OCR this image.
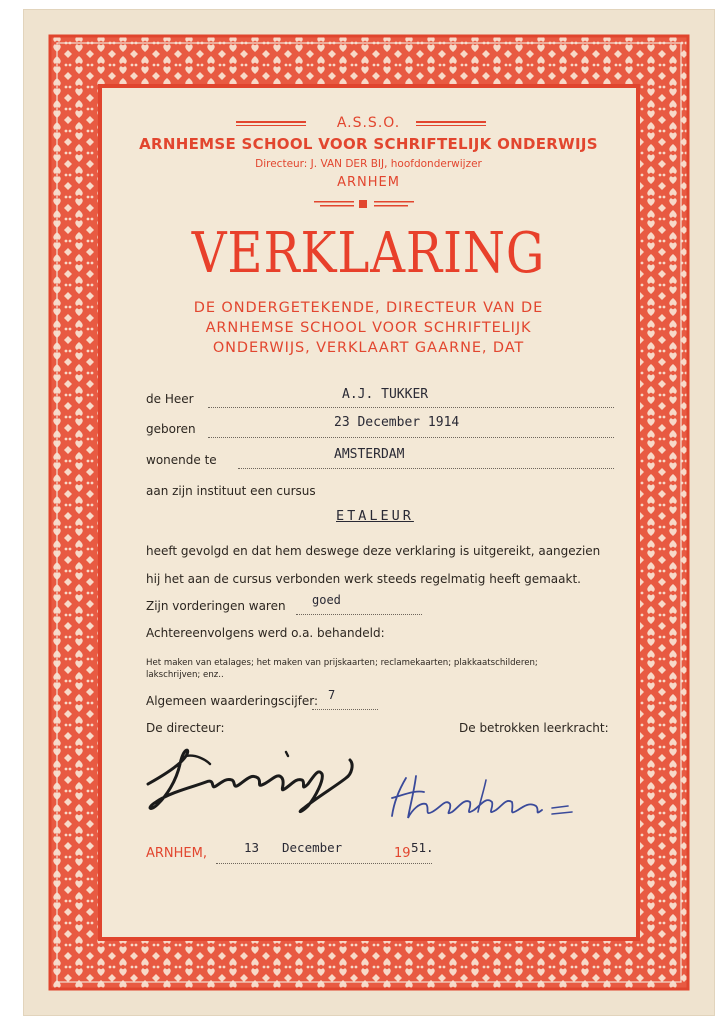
A.S.S.O.
ARNHEMSE SCHOOL VOOR SCHRIFTELIJK ONDERWIJS
Directeur: J. VAN DER BIJ, hoofdonderwijzer
ARNHEM
VERKLARING
DE ONDERGETEKENDE, DIRECTEUR VAN DE
ARNHEMSE SCHOOL VOOR SCHRIFTELIJK
ONDERWIJS, VERKLAART GAARNE, DAT
de Heer	A.J. TUKKER
geboren	23 December 1914
wonende te	AMSTERDAM
aan zijn instituut een cursus
ETALEUR
heeft gevolgd en dat hem deswege deze verklaring is uitgereikt, aangezien
hij het aan de cursus verbonden werk steeds regelmatig heeft gemaakt.
Zijn vorderingen waren goed
Achtereenvolgens werd o.a. behandeld:
Het maken van etalages; het maken van prijskaarten; reclamekaarten; plakkaatschilderen;
lakschrijven; enz..
Algemeen waarderingscijfer: 7
De directeur:	De betrokken leerkracht:
ARNHEM,	13 December	19 51.
